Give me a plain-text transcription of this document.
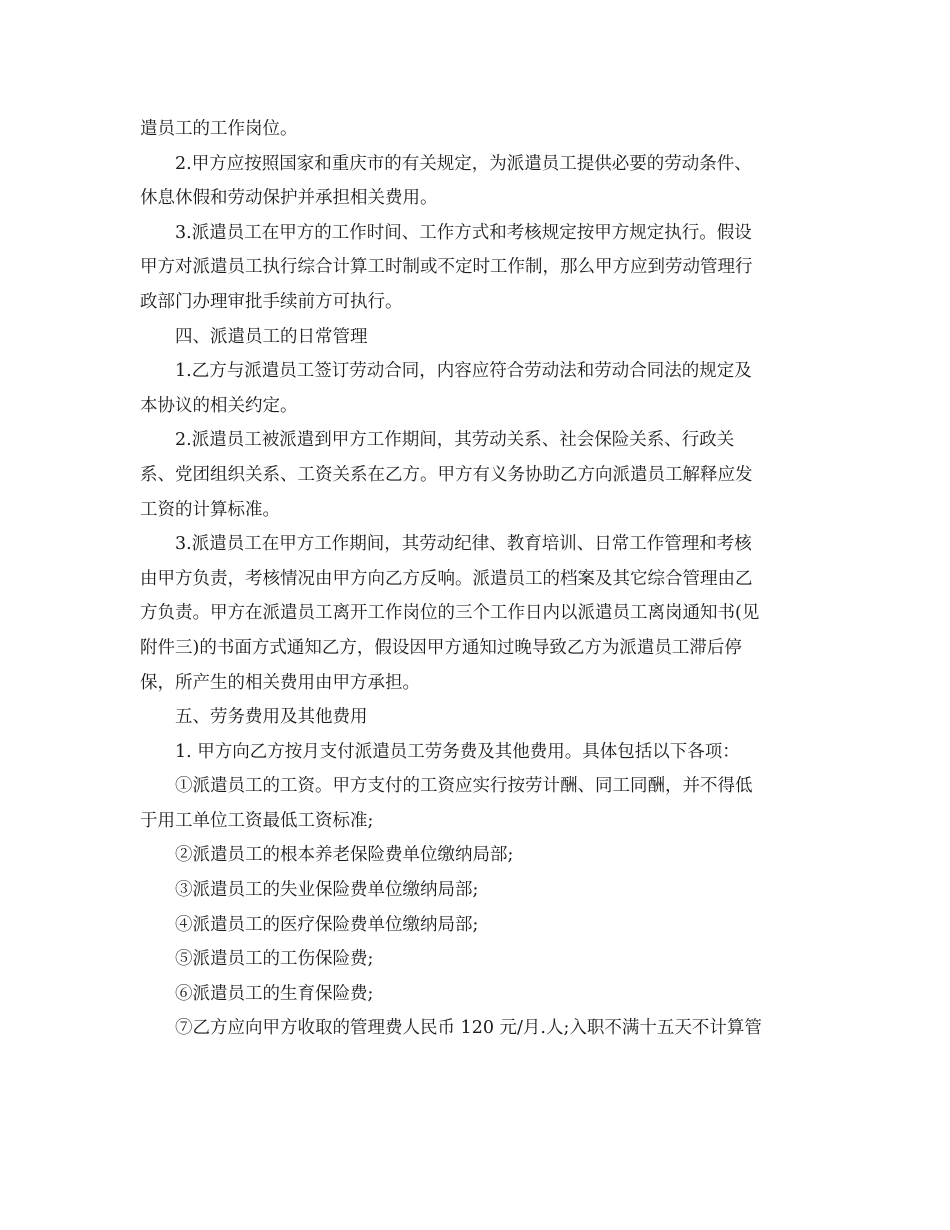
遣员工的工作岗位。
2.甲方应按照国家和重庆市的有关规定，为派遣员工提供必要的劳动条件、
休息休假和劳动保护并承担相关费用。
3.派遣员工在甲方的工作时间、工作方式和考核规定按甲方规定执行。假设
甲方对派遣员工执行综合计算工时制或不定时工作制，那么甲方应到劳动管理行
政部门办理审批手续前方可执行。
四、派遣员工的日常管理
1.乙方与派遣员工签订劳动合同，内容应符合劳动法和劳动合同法的规定及
本协议的相关约定。
2.派遣员工被派遣到甲方工作期间，其劳动关系、社会保险关系、行政关
系、党团组织关系、工资关系在乙方。甲方有义务协助乙方向派遣员工解释应发
工资的计算标准。
3.派遣员工在甲方工作期间，其劳动纪律、教育培训、日常工作管理和考核
由甲方负责，考核情况由甲方向乙方反响。派遣员工的档案及其它综合管理由乙
方负责。甲方在派遣员工离开工作岗位的三个工作日内以派遣员工离岗通知书(见
附件三)的书面方式通知乙方，假设因甲方通知过晚导致乙方为派遣员工滞后停
保，所产生的相关费用由甲方承担。
五、劳务费用及其他费用
1. 甲方向乙方按月支付派遣员工劳务费及其他费用。具体包括以下各项：
①派遣员工的工资。甲方支付的工资应实行按劳计酬、同工同酬，并不得低
于用工单位工资最低工资标准;
②派遣员工的根本养老保险费单位缴纳局部;
③派遣员工的失业保险费单位缴纳局部;
④派遣员工的医疗保险费单位缴纳局部;
⑤派遣员工的工伤保险费;
⑥派遣员工的生育保险费;
⑦乙方应向甲方收取的管理费人民币 120 元/月.人;入职不满十五天不计算管
